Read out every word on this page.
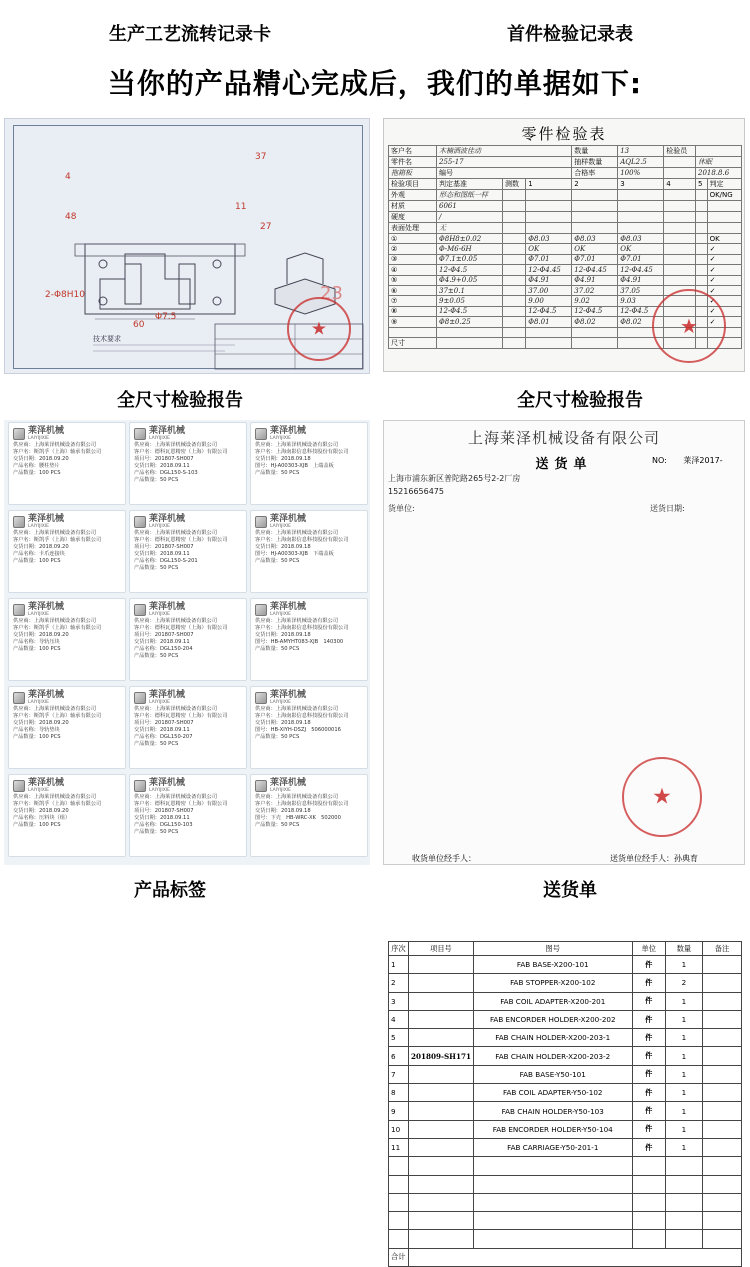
生产工艺流转记录卡	首件检验记录表
当你的产品精心完成后，我们的单据如下:
60
2-Φ8H10
Φ7.5
4
48
11
37
27
23
技术要求	★
零件检验表
客户名	木楠酒波佳动			数量	13	检验员		
零件名	255-17			抽样数量	AQL2.5		休眠	
拖箱板	编号			合格率	100%		2018.8.6	
检验项目	判定基准	测数	1	2	3	4	5	判定
外观	形态和图纸一样							OK/NG
材质	6061							
硬度	/							
表面处理	无							
①	Φ8H8±0.02		Φ8.03	Φ8.03	Φ8.03			OK
②	Φ-M6-6H		OK	OK	OK			✓
③	Φ7.1±0.05		Φ7.01	Φ7.01	Φ7.01			✓
④	12-Φ4.5		12-Φ4.45	12-Φ4.45	12-Φ4.45			✓
⑤	Φ4.9+0.05		Φ4.91	Φ4.91	Φ4.91			✓
⑥	37±0.1		37.00	37.02	37.05			✓
⑦	9±0.05		9.00	9.02	9.03			✓
⑧	12-Φ4.5		12-Φ4.5	12-Φ4.5	12-Φ4.5			✓
⑨	Φ8±0.25		Φ8.01	Φ8.02	Φ8.02			✓

尺寸								
★
全尺寸检验报告	全尺寸检验报告
莱泽机械
LAIYIJIXIE
供应商：上海莱泽机械设备有限公司
客户名：斯凯孚（上海）轴承有限公司
交货日期：2018.09.20
产品名称：腰柱垫片
产品数量：100 PCS
莱泽机械
LAIYIJIXIE
供应商：上海莱泽机械设备有限公司
客户名：斯凯孚（上海）轴承有限公司
交货日期：2018.09.20
产品名称：卡爪连接块
产品数量：100 PCS
莱泽机械
LAIYIJIXIE
供应商：上海莱泽机械设备有限公司
客户名：斯凯孚（上海）轴承有限公司
交货日期：2018.09.20
产品名称：导轨压块
产品数量：100 PCS
莱泽机械
LAIYIJIXIE
供应商：上海莱泽机械设备有限公司
客户名：斯凯孚（上海）轴承有限公司
交货日期：2018.09.20
产品名称：导轨垫块
产品数量：100 PCS
莱泽机械
LAIYIJIXIE
供应商：上海莱泽机械设备有限公司
客户名：斯凯孚（上海）轴承有限公司
交货日期：2018.09.20
产品名称：压料块（组）
产品数量：100 PCS
莱泽机械
LAIYIJIXIE
供应商：上海莱泽机械设备有限公司
客户名：德科瓦恩精密（上海）有限公司
项目号：201807-SH007
交货日期：2018.09.11
产品名称：DGL150-S-103
产品数量：50 PCS
莱泽机械
LAIYIJIXIE
供应商：上海莱泽机械设备有限公司
客户名：德科瓦恩精密（上海）有限公司
项目号：201807-SH007
交货日期：2018.09.11
产品名称：DGL150-S-201
产品数量：50 PCS
莱泽机械
LAIYIJIXIE
供应商：上海莱泽机械设备有限公司
客户名：德科瓦恩精密（上海）有限公司
项目号：201807-SH007
交货日期：2018.09.11
产品名称：DGL150-204
产品数量：50 PCS
莱泽机械
LAIYIJIXIE
供应商：上海莱泽机械设备有限公司
客户名：德科瓦恩精密（上海）有限公司
项目号：201807-SH007
交货日期：2018.09.11
产品名称：DGL150-207
产品数量：50 PCS
莱泽机械
LAIYIJIXIE
供应商：上海莱泽机械设备有限公司
客户名：德科瓦恩精密（上海）有限公司
项目号：201807-SH007
交货日期：2018.09.11
产品名称：DGL150-103
产品数量：50 PCS
莱泽机械
LAIYIJIXIE
供应商：上海莱泽机械设备有限公司
客户名：上海南影信息科技股份有限公司
交货日期：2018.09.18
图号：HJ-A00303-XJB　上端盖板
产品数量：50 PCS
莱泽机械
LAIYIJIXIE
供应商：上海莱泽机械设备有限公司
客户名：上海南影信息科技股份有限公司
交货日期：2018.09.18
图号：HJ-A00303-XJB　下端盖板
产品数量：50 PCS
莱泽机械
LAIYIJIXIE
供应商：上海莱泽机械设备有限公司
客户名：上海南影信息科技股份有限公司
交货日期：2018.09.18
图号：HB-AMYHT083-XJB　140300
产品数量：50 PCS
莱泽机械
LAIYIJIXIE
供应商：上海莱泽机械设备有限公司
客户名：上海南影信息科技股份有限公司
交货日期：2018.09.18
图号：HB-XIYH-DSZJ　506000016
产品数量：50 PCS
莱泽机械
LAIYIJIXIE
供应商：上海莱泽机械设备有限公司
客户名：上海南影信息科技股份有限公司
交货日期：2018.09.18
图号：下壳　HB-WRC-XK　502000
产品数量：50 PCS
上海莱泽机械设备有限公司
送货单	NO: 莱泽2017-
上海市浦东新区普陀路265号2-2厂房
15216656475
货单位:	送货日期:
序次	项目号	图号	单位	数量	备注
1		FAB BASE-X200-101	件	1	
2		FAB STOPPER-X200-102	件	2	
3		FAB COIL ADAPTER-X200-201	件	1	
4		FAB ENCORDER HOLDER-X200-202	件	1	
5		FAB CHAIN HOLDER-X200-203-1	件	1	
6	201809-SH171	FAB CHAIN HOLDER-X200-203-2	件	1	
7		FAB BASE-Y50-101	件	1	
8		FAB COIL ADAPTER-Y50-102	件	1	
9		FAB CHAIN HOLDER-Y50-103	件	1	
10		FAB ENCORDER HOLDER-Y50-104	件	1	
11		FAB CARRIAGE-Y50-201-1	件	1	

合计					
收货单位经手人：	送货单位经手人：孙典育
★
产品标签	送货单
